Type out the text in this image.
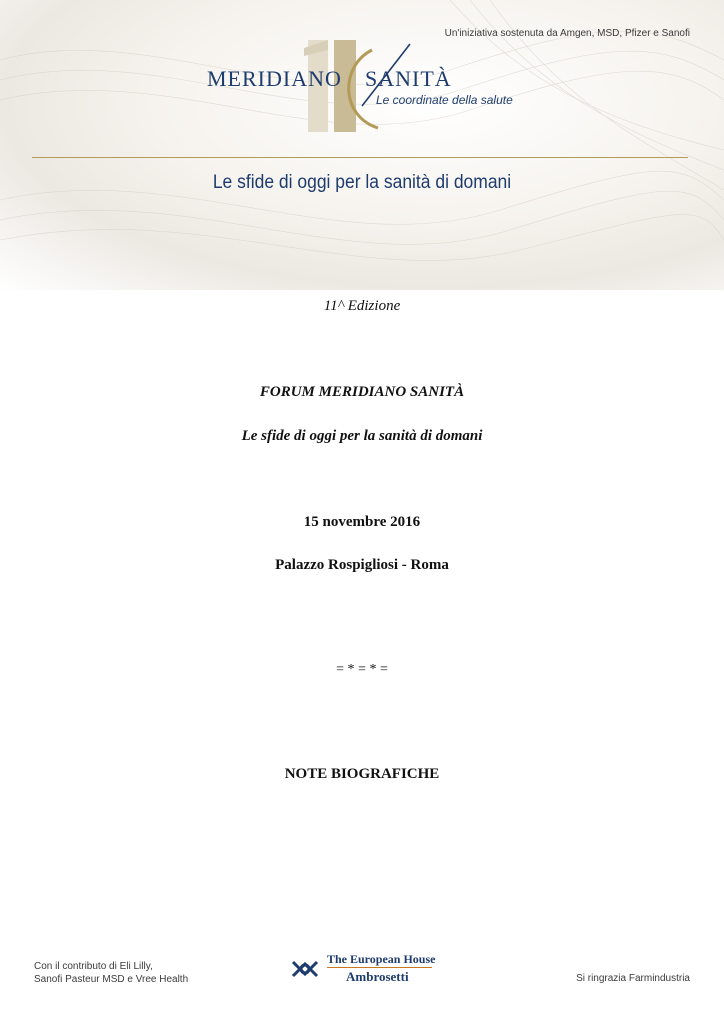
Un'iniziativa sostenuta da Amgen, MSD, Pfizer e Sanofi
MERIDIANO SANITÀ
Le coordinate della salute
Le sfide di oggi per la sanità di domani
11^ Edizione
FORUM MERIDIANO SANITÀ
Le sfide di oggi per la sanità di domani
15 novembre 2016
Palazzo Rospigliosi - Roma
= * = * =
NOTE BIOGRAFICHE
Con il contributo di Eli Lilly,
Sanofi Pasteur MSD e Vree Health
The European House
Ambrosetti	Si ringrazia Farmindustria
